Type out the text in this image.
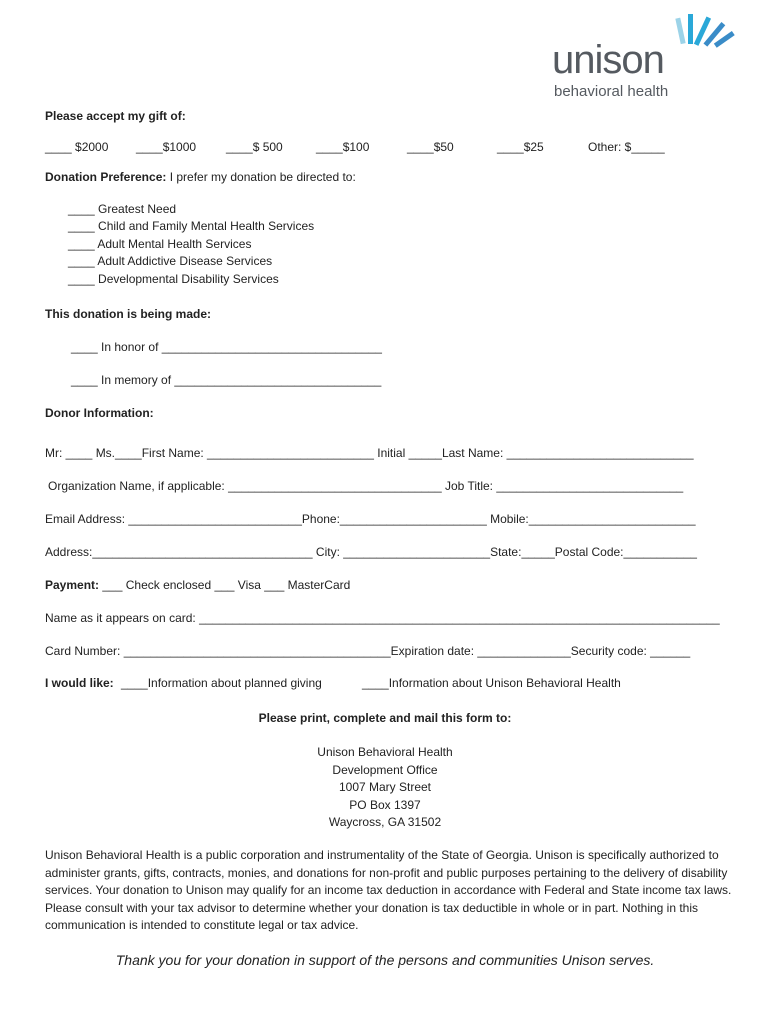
unison
behavioral health
Please accept my gift of:
____ $2000 ____$1000 ____$ 500	____$100	____$50	____$25	Other: $_____
Donation Preference: I prefer my donation be directed to:
____ Greatest Need
____ Child and Family Mental Health Services
____ Adult Mental Health Services
____ Adult Addictive Disease Services
____ Developmental Disability Services
This donation is being made:
____ In honor of _________________________________
____ In memory of _______________________________
Donor Information:
Mr: ____ Ms.____First Name: _________________________ Initial _____Last Name: ____________________________
Organization Name, if applicable: ________________________________ Job Title: ____________________________
Email Address: __________________________Phone:______________________ Mobile:_________________________
Address:_________________________________ City: ______________________State:_____Postal Code:___________
Payment: ___ Check enclosed ___ Visa ___ MasterCard
Name as it appears on card: ______________________________________________________________________________
Card Number: ________________________________________Expiration date: ______________Security code: ______
I would like: ____Information about planned giving	____Information about Unison Behavioral Health
Please print, complete and mail this form to:
Unison Behavioral Health
Development Office
1007 Mary Street
PO Box 1397
Waycross, GA 31502
Unison Behavioral Health is a public corporation and instrumentality of the State of Georgia. Unison is specifically authorized to administer grants, gifts, contracts, monies, and donations for non-profit and public purposes pertaining to the delivery of disability services. Your donation to Unison may qualify for an income tax deduction in accordance with Federal and State income tax laws. Please consult with your tax advisor to determine whether your donation is tax deductible in whole or in part. Nothing in this communication is intended to constitute legal or tax advice.
Thank you for your donation in support of the persons and communities Unison serves.
